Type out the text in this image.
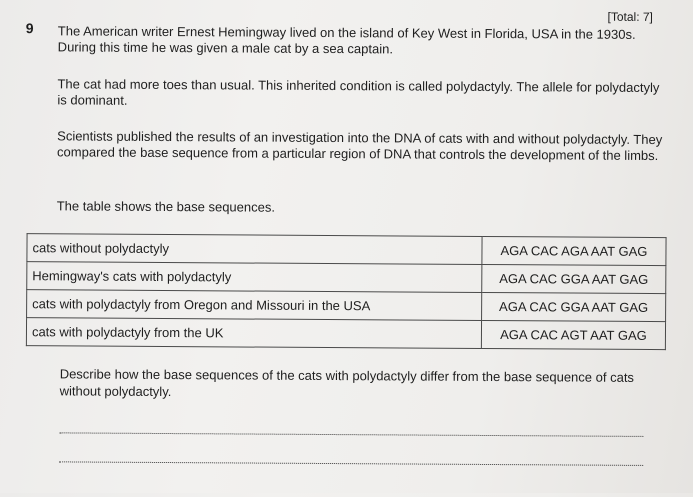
[Total: 7]
9 The American writer Ernest Hemingway lived on the island of Key West in Florida, USA in the 1930s. During this time he was given a male cat by a sea captain.
The cat had more toes than usual. This inherited condition is called polydactyly. The allele for polydactyly is dominant.
Scientists published the results of an investigation into the DNA of cats with and without polydactyly. They compared the base sequence from a particular region of DNA that controls the development of the limbs.
The table shows the base sequences.
cats without polydactyly	AGA CAC AGA AAT GAG
Hemingway's cats with polydactyly	AGA CAC GGA AAT GAG
cats with polydactyly from Oregon and Missouri in the USA	AGA CAC GGA AAT GAG
cats with polydactyly from the UK	AGA CAC AGT AAT GAG
Describe how the base sequences of the cats with polydactyly differ from the base sequence of cats without polydactyly.
